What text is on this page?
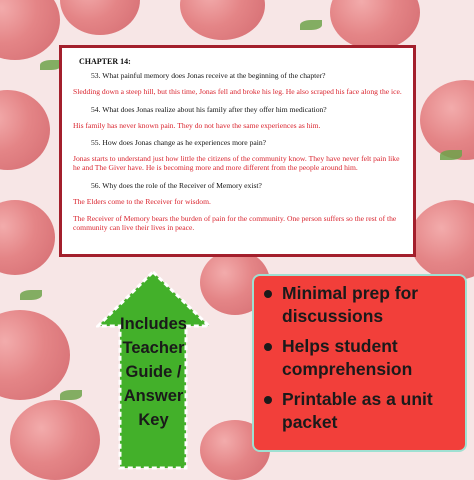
CHAPTER 14:
53. What painful memory does Jonas receive at the beginning of the chapter?
Sledding down a steep hill, but this time, Jonas fell and broke his leg. He also scraped his face along the ice.
54. What does Jonas realize about his family after they offer him medication?
His family has never known pain. They do not have the same experiences as him.
55. How does Jonas change as he experiences more pain?
Jonas starts to understand just how little the citizens of the community know. They have never felt pain like he and The Giver have. He is becoming more and more different from the people around him.
56. Why does the role of the Receiver of Memory exist?
The Elders come to the Receiver for wisdom.
The Receiver of Memory bears the burden of pain for the community. One person suffers so the rest of the community can live their lives in peace.
Includes
Teacher
Guide /
Answer
Key
Minimal prep for discussions
Helps student comprehension
Printable as a unit packet
